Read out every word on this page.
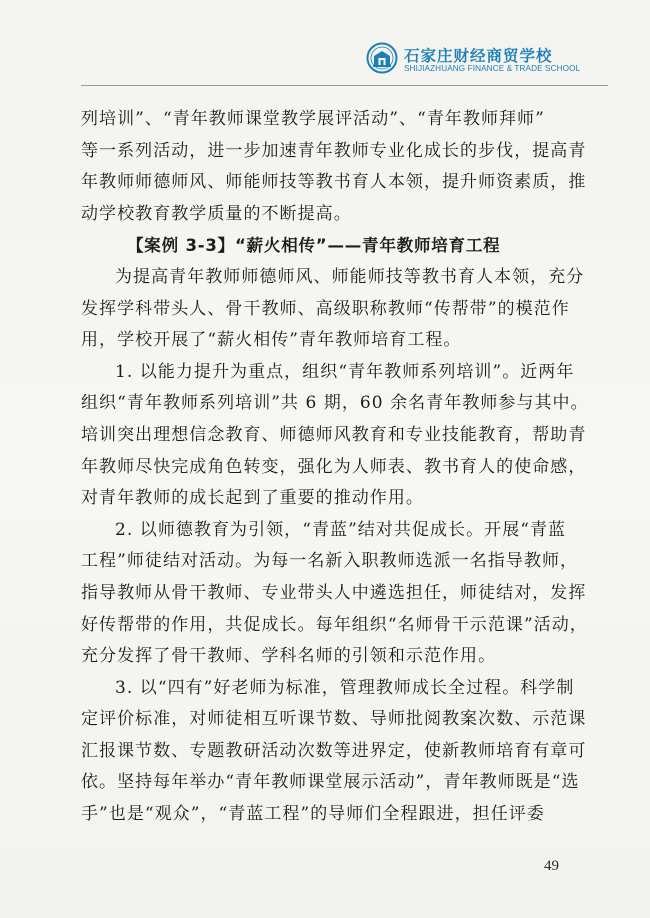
石家庄财经商贸学校
SHIJIAZHUANG FINANCE & TRADE SCHOOL
列培训”、“青年教师课堂教学展评活动”、“青年教师拜师”
等一系列活动，进一步加速青年教师专业化成长的步伐，提高青
年教师师德师风、师能师技等教书育人本领，提升师资素质，推
动学校教育教学质量的不断提高。
【案例 3-3】“薪火相传”——青年教师培育工程
为提高青年教师师德师风、师能师技等教书育人本领，充分
发挥学科带头人、骨干教师、高级职称教师“传帮带”的模范作
用，学校开展了“薪火相传”青年教师培育工程。
1. 以能力提升为重点，组织“青年教师系列培训”。近两年
组织“青年教师系列培训”共 6 期，60 余名青年教师参与其中。
培训突出理想信念教育、师德师风教育和专业技能教育，帮助青
年教师尽快完成角色转变，强化为人师表、教书育人的使命感，
对青年教师的成长起到了重要的推动作用。
2. 以师德教育为引领，“青蓝”结对共促成长。开展“青蓝
工程”师徒结对活动。为每一名新入职教师选派一名指导教师，
指导教师从骨干教师、专业带头人中遴选担任，师徒结对，发挥
好传帮带的作用，共促成长。每年组织“名师骨干示范课”活动，
充分发挥了骨干教师、学科名师的引领和示范作用。
3. 以“四有”好老师为标准，管理教师成长全过程。科学制
定评价标准，对师徒相互听课节数、导师批阅教案次数、示范课
汇报课节数、专题教研活动次数等进界定，使新教师培育有章可
依。坚持每年举办“青年教师课堂展示活动”，青年教师既是“选
手”也是“观众”，“青蓝工程”的导师们全程跟进，担任评委
49
